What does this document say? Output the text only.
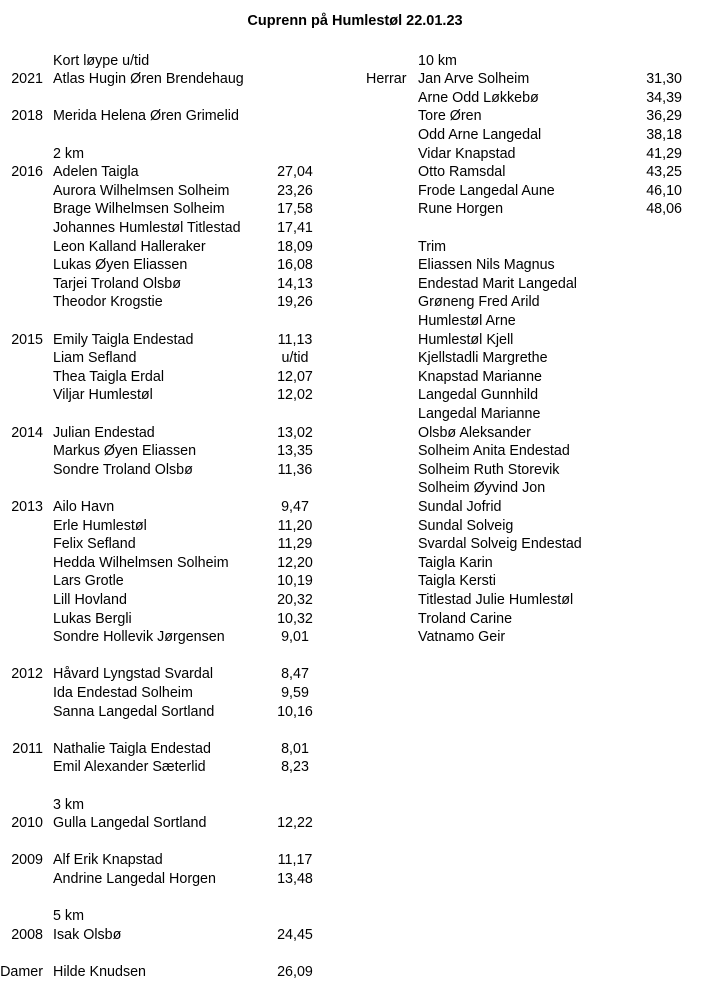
Cuprenn på Humlestøl 22.01.23
Kort løype u/tid
2021 Atlas Hugin Øren Brendehaug
2018 Merida Helena Øren Grimelid
2 km
2016 Adelen Taigla	27,04
Aurora Wilhelmsen Solheim	23,26
Brage Wilhelmsen Solheim	17,58
Johannes Humlestøl Titlestad	17,41
Leon Kalland Halleraker	18,09
Lukas Øyen Eliassen	16,08
Tarjei Troland Olsbø	14,13
Theodor Krogstie	19,26
2015 Emily Taigla Endestad	11,13
Liam Sefland	u/tid
Thea Taigla Erdal	12,07
Viljar Humlestøl	12,02
2014 Julian Endestad	13,02
Markus Øyen Eliassen	13,35
Sondre Troland Olsbø	11,36
2013 Ailo Havn	9,47
Erle Humlestøl	11,20
Felix Sefland	11,29
Hedda Wilhelmsen Solheim	12,20
Lars Grotle	10,19
Lill Hovland	20,32
Lukas Bergli	10,32
Sondre Hollevik Jørgensen	9,01
2012 Håvard Lyngstad Svardal	8,47
Ida Endestad Solheim	9,59
Sanna Langedal Sortland	10,16
2011 Nathalie Taigla Endestad	8,01
Emil Alexander Sæterlid	8,23
3 km
2010 Gulla Langedal Sortland	12,22
2009 Alf Erik Knapstad	11,17
Andrine Langedal Horgen	13,48
5 km
2008 Isak Olsbø	24,45
Damer Hilde Knudsen	26,09
10 km
Herrar Jan Arve Solheim	31,30
Arne Odd Løkkebø	34,39
Tore Øren	36,29
Odd Arne Langedal	38,18
Vidar Knapstad	41,29
Otto Ramsdal	43,25
Frode Langedal Aune	46,10
Rune Horgen	48,06
Trim
Eliassen Nils Magnus
Endestad Marit Langedal
Grøneng Fred Arild
Humlestøl Arne
Humlestøl Kjell
Kjellstadli Margrethe
Knapstad Marianne
Langedal Gunnhild
Langedal Marianne
Olsbø Aleksander
Solheim Anita Endestad
Solheim Ruth Storevik
Solheim Øyvind Jon
Sundal Jofrid
Sundal Solveig
Svardal Solveig Endestad
Taigla Karin
Taigla Kersti
Titlestad Julie Humlestøl
Troland Carine
Vatnamo Geir
